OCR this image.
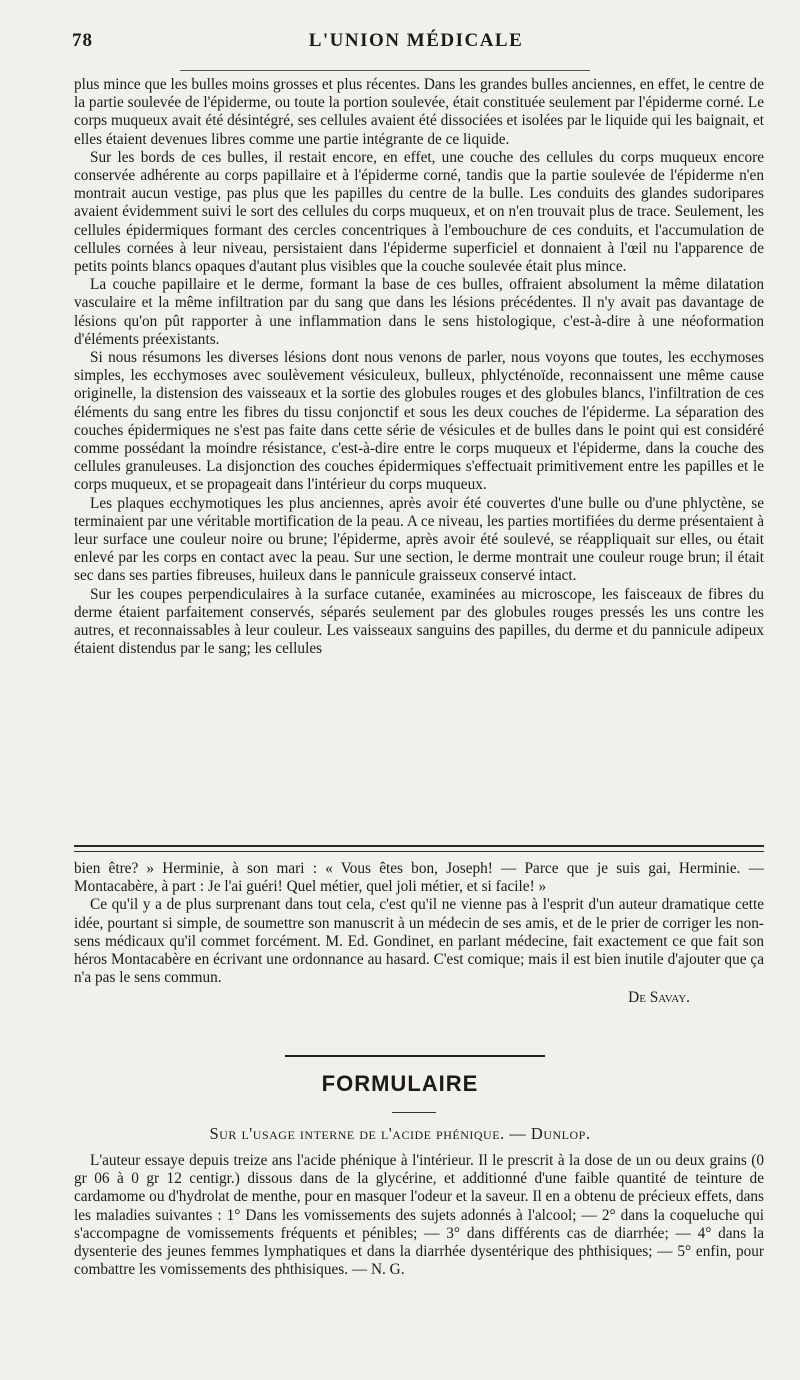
78	L'UNION MÉDICALE

plus mince que les bulles moins grosses et plus récentes. Dans les grandes bulles anciennes, en effet, le centre de la partie soulevée de l'épiderme, ou toute la portion soulevée, était constituée seulement par l'épiderme corné. Le corps muqueux avait été désintégré, ses cellules avaient été dissociées et isolées par le liquide qui les baignait, et elles étaient devenues libres comme une partie intégrante de ce liquide.

Sur les bords de ces bulles, il restait encore, en effet, une couche des cellules du corps muqueux encore conservée adhérente au corps papillaire et à l'épiderme corné, tandis que la partie soulevée de l'épiderme n'en montrait aucun vestige, pas plus que les papilles du centre de la bulle. Les conduits des glandes sudoripares avaient évidemment suivi le sort des cellules du corps muqueux, et on n'en trouvait plus de trace. Seulement, les cellules épidermiques formant des cercles concentriques à l'embouchure de ces conduits, et l'accumulation de cellules cornées à leur niveau, persistaient dans l'épiderme superficiel et donnaient à l'œil nu l'apparence de petits points blancs opaques d'autant plus visibles que la couche soulevée était plus mince.

La couche papillaire et le derme, formant la base de ces bulles, offraient absolument la même dilatation vasculaire et la même infiltration par du sang que dans les lésions précédentes. Il n'y avait pas davantage de lésions qu'on pût rapporter à une inflammation dans le sens histologique, c'est-à-dire à une néoformation d'éléments préexistants.

Si nous résumons les diverses lésions dont nous venons de parler, nous voyons que toutes, les ecchymoses simples, les ecchymoses avec soulèvement vésiculeux, bulleux, phlycténoïde, reconnaissent une même cause originelle, la distension des vaisseaux et la sortie des globules rouges et des globules blancs, l'infiltration de ces éléments du sang entre les fibres du tissu conjonctif et sous les deux couches de l'épiderme. La séparation des couches épidermiques ne s'est pas faite dans cette série de vésicules et de bulles dans le point qui est considéré comme possédant la moindre résistance, c'est-à-dire entre le corps muqueux et l'épiderme, dans la couche des cellules granuleuses. La disjonction des couches épidermiques s'effectuait primitivement entre les papilles et le corps muqueux, et se propageait dans l'intérieur du corps muqueux.

Les plaques ecchymotiques les plus anciennes, après avoir été couvertes d'une bulle ou d'une phlyctène, se terminaient par une véritable mortification de la peau. A ce niveau, les parties mortifiées du derme présentaient à leur surface une couleur noire ou brune; l'épiderme, après avoir été soulevé, se réappliquait sur elles, ou était enlevé par les corps en contact avec la peau. Sur une section, le derme montrait une couleur rouge brun; il était sec dans ses parties fibreuses, huileux dans le pannicule graisseux conservé intact.

Sur les coupes perpendiculaires à la surface cutanée, examinées au microscope, les faisceaux de fibres du derme étaient parfaitement conservés, séparés seulement par des globules rouges pressés les uns contre les autres, et reconnaissables à leur couleur. Les vaisseaux sanguins des papilles, du derme et du pannicule adipeux étaient distendus par le sang; les cellules

bien être? » Herminie, à son mari : « Vous êtes bon, Joseph! — Parce que je suis gai, Herminie. — Montacabère, à part : Je l'ai guéri! Quel métier, quel joli métier, et si facile! »

Ce qu'il y a de plus surprenant dans tout cela, c'est qu'il ne vienne pas à l'esprit d'un auteur dramatique cette idée, pourtant si simple, de soumettre son manuscrit à un médecin de ses amis, et de le prier de corriger les non-sens médicaux qu'il commet forcément. M. Ed. Gondinet, en parlant médecine, fait exactement ce que fait son héros Montacabère en écrivant une ordonnance au hasard. C'est comique; mais il est bien inutile d'ajouter que ça n'a pas le sens commun.

De Savay.
FORMULAIRE
Sur l'usage interne de l'acide phénique. — Dunlop.

L'auteur essaye depuis treize ans l'acide phénique à l'intérieur. Il le prescrit à la dose de un ou deux grains (0 gr 06 à 0 gr 12 centigr.) dissous dans de la glycérine, et additionné d'une faible quantité de teinture de cardamome ou d'hydrolat de menthe, pour en masquer l'odeur et la saveur. Il en a obtenu de précieux effets, dans les maladies suivantes : 1° Dans les vomissements des sujets adonnés à l'alcool; — 2° dans la coqueluche qui s'accompagne de vomissements fréquents et pénibles; — 3° dans différents cas de diarrhée; — 4° dans la dysenterie des jeunes femmes lymphatiques et dans la diarrhée dysentérique des phthisiques; — 5° enfin, pour combattre les vomissements des phthisiques. — N. G.
